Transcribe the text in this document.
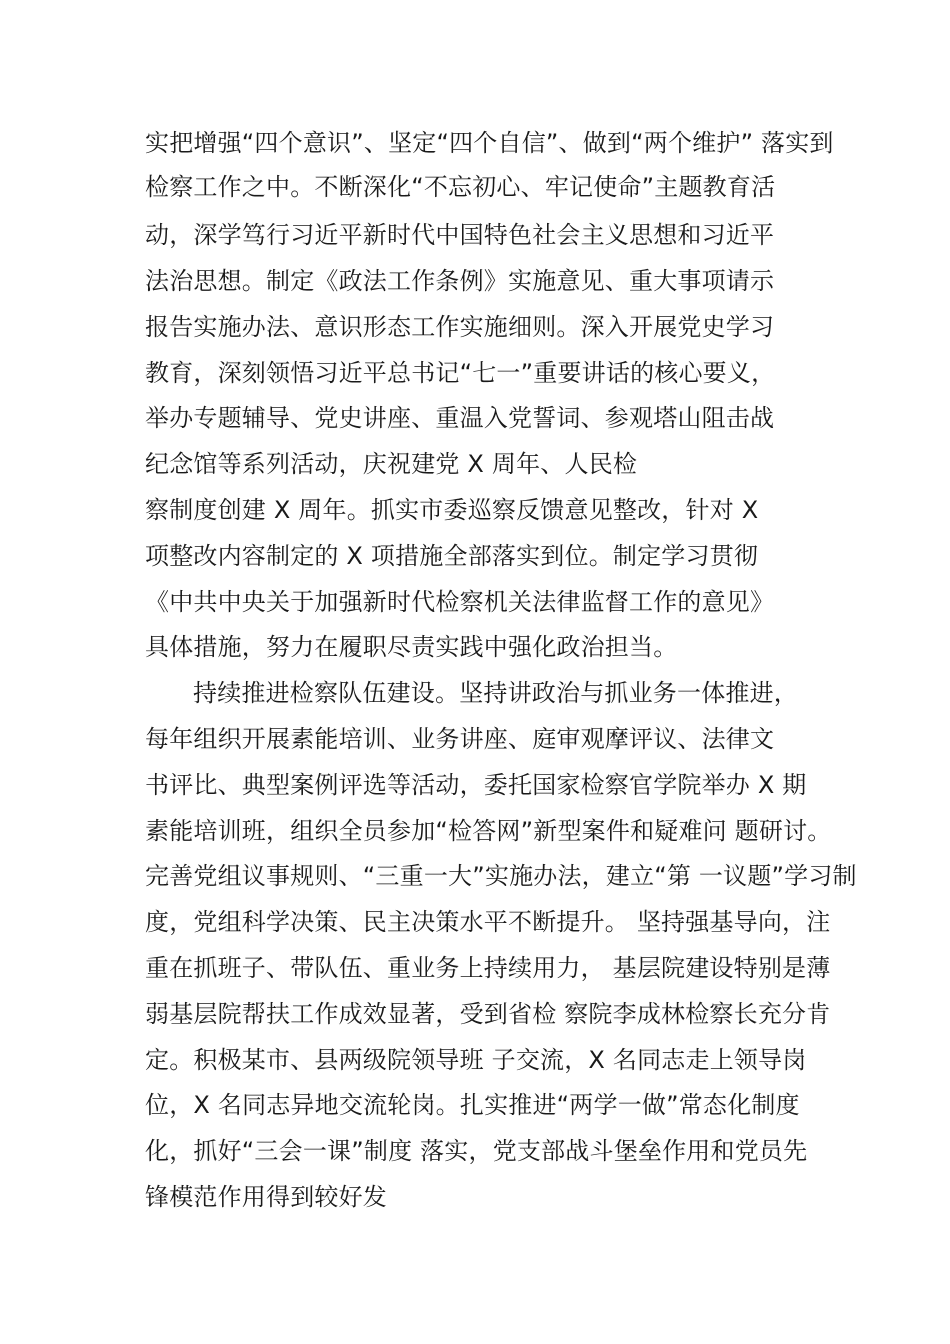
实把增强“四个意识”、坚定“四个自信”、做到“两个维护” 落实到
检察工作之中。不断深化“不忘初心、牢记使命”主题教育活
动，深学笃行习近平新时代中国特色社会主义思想和习近平
法治思想。制定《政法工作条例》实施意见、重大事项请示
报告实施办法、意识形态工作实施细则。深入开展党史学习
教育，深刻领悟习近平总书记“七一”重要讲话的核心要义，
举办专题辅导、党史讲座、重温入党誓词、参观塔山阻击战
纪念馆等系列活动，庆祝建党 X 周年、人民检
察制度创建 X 周年。抓实市委巡察反馈意见整改，针对 X
项整改内容制定的 X 项措施全部落实到位。制定学习贯彻
《中共中央关于加强新时代检察机关法律监督工作的意见》
具体措施，努力在履职尽责实践中强化政治担当。
持续推进检察队伍建设。坚持讲政治与抓业务一体推进，
每年组织开展素能培训、业务讲座、庭审观摩评议、法律文
书评比、典型案例评选等活动，委托国家检察官学院举办 X 期
素能培训班，组织全员参加“检答网”新型案件和疑难问 题研讨。
完善党组议事规则、“三重一大”实施办法，建立“第 一议题”学习制
度，党组科学决策、民主决策水平不断提升。 坚持强基导向，注
重在抓班子、带队伍、重业务上持续用力， 基层院建设特别是薄
弱基层院帮扶工作成效显著，受到省检 察院李成林检察长充分肯
定。积极某市、县两级院领导班 子交流，X 名同志走上领导岗
位，X 名同志异地交流轮岗。扎实推进“两学一做”常态化制度
化，抓好“三会一课”制度 落实，党支部战斗堡垒作用和党员先
锋模范作用得到较好发
